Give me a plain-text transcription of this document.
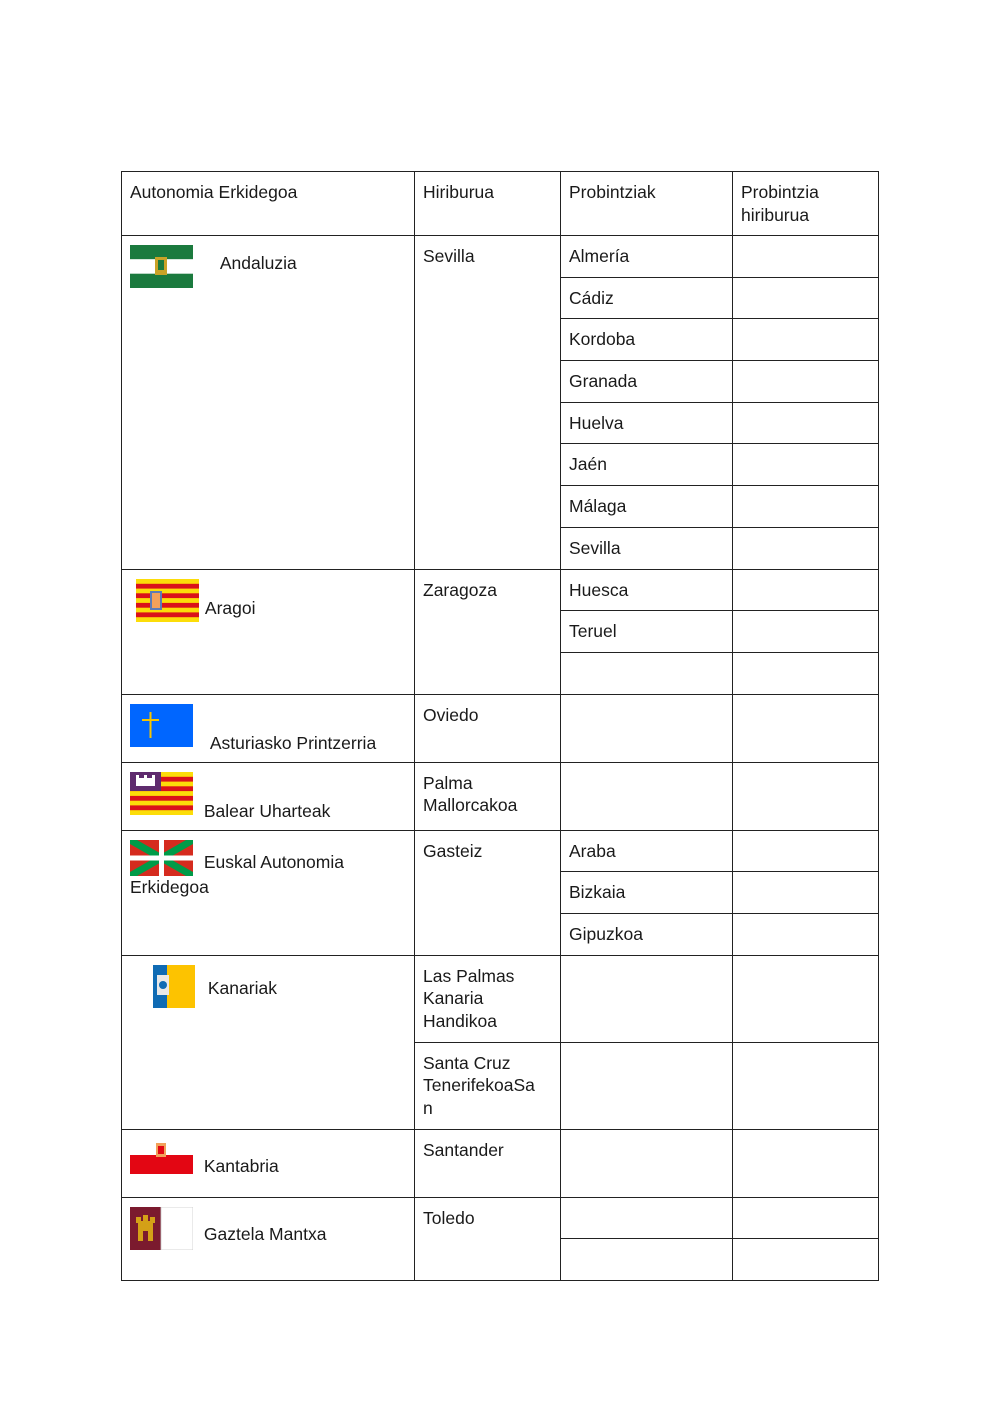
Autonomia Erkidegoa	Hiriburua	Probintziak	Probintzia
hiriburua

Andaluzia	Sevilla	Almería	
		Cádiz	
		Kordoba	
		Granada	
		Huelva	
		Jaén	
		Málaga	
		Sevilla	

Aragoi	Zaragoza	Huesca	
		Teruel	

Asturiasko Printzerria	Oviedo		

Balear Uharteak	Palma
Mallorcakoa		

Euskal Autonomia
Erkidegoa	Gasteiz	Araba	
		Bizkaia	
		Gipuzkoa	

Kanariak	Las Palmas
Kanaria
Handikoa		

	Santa Cruz
TenerifekoaSa
n		

Kantabria	Santander		

Gaztela Mantxa	Toledo		
